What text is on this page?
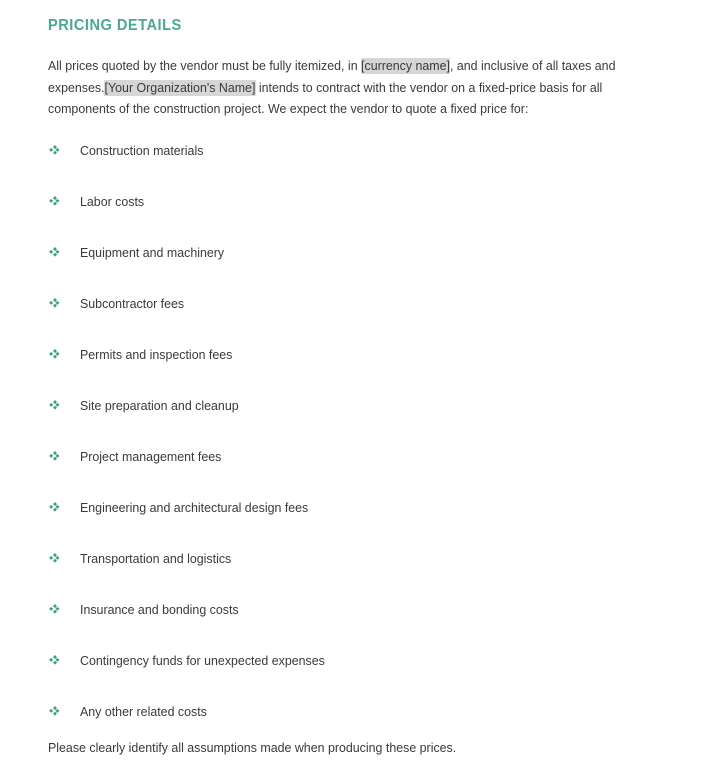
PRICING DETAILS

All prices quoted by the vendor must be fully itemized, in [currency name], and inclusive of all taxes and expenses.[Your Organization's Name] intends to contract with the vendor on a fixed-price basis for all components of the construction project. We expect the vendor to quote a fixed price for:

Construction materials
Labor costs
Equipment and machinery
Subcontractor fees
Permits and inspection fees
Site preparation and cleanup
Project management fees
Engineering and architectural design fees
Transportation and logistics
Insurance and bonding costs
Contingency funds for unexpected expenses
Any other related costs

Please clearly identify all assumptions made when producing these prices.
